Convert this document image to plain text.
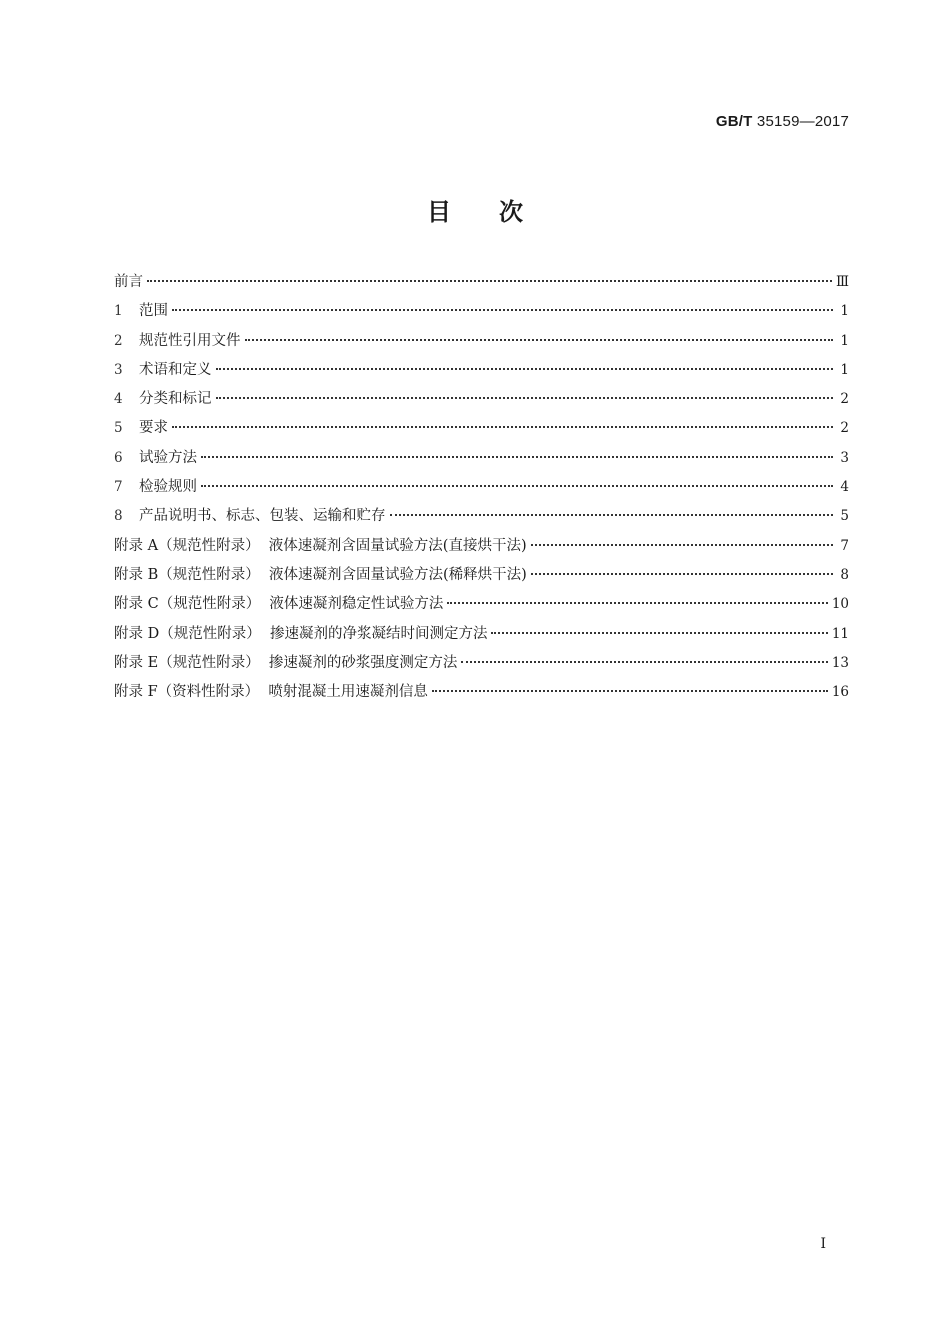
GB/T 35159—2017
目次
前言	Ⅲ
1	范围	1
2	规范性引用文件	1
3	术语和定义	1
4	分类和标记	2
5	要求	2
6	试验方法	3
7	检验规则	4
8	产品说明书、标志、包装、运输和贮存	5
附录 A（规范性附录）  液体速凝剂含固量试验方法(直接烘干法)	7
附录 B（规范性附录）  液体速凝剂含固量试验方法(稀释烘干法)	8
附录 C（规范性附录）  液体速凝剂稳定性试验方法	10
附录 D（规范性附录）  掺速凝剂的净浆凝结时间测定方法	11
附录 E（规范性附录）  掺速凝剂的砂浆强度测定方法	13
附录 F（资料性附录）  喷射混凝土用速凝剂信息	16
Ⅰ
